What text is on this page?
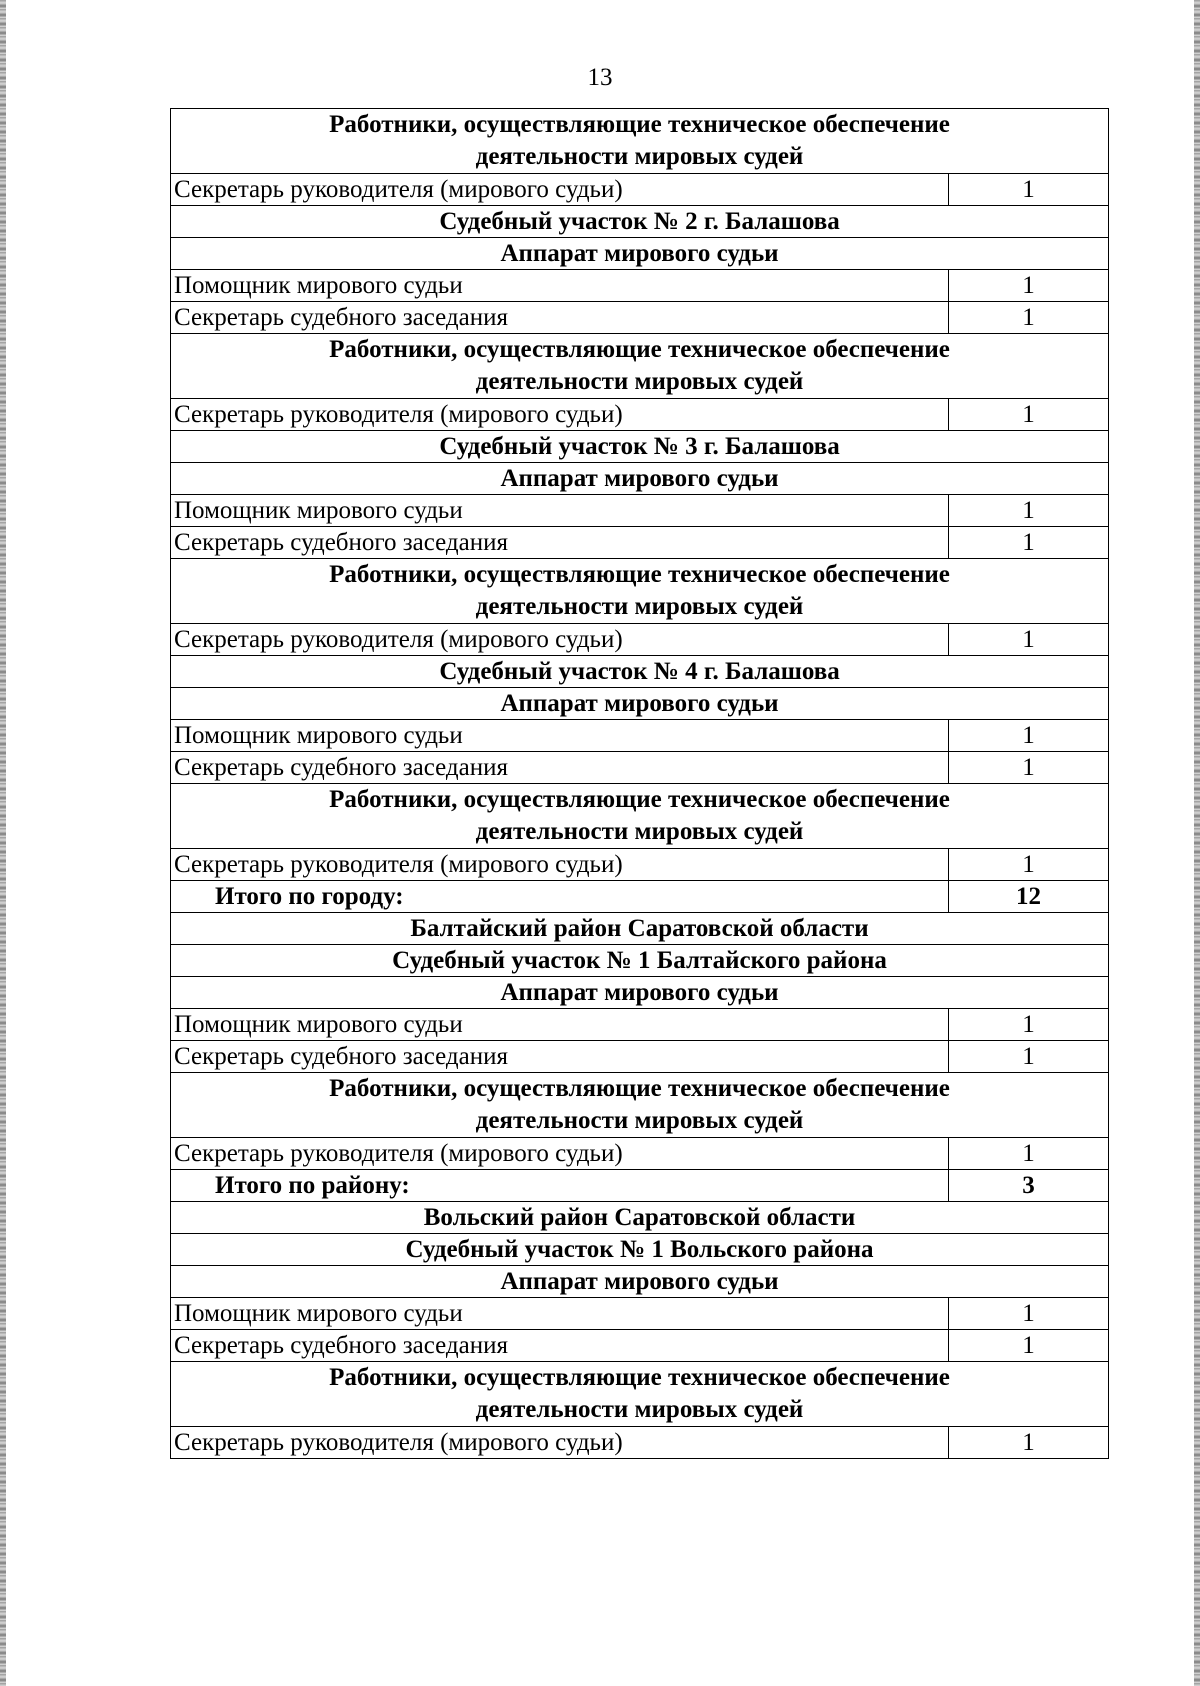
13
Работники, осуществляющие техническое обеспечение
деятельности мировых судей	

Секретарь руководителя (мирового судьи)	1
Судебный участок № 2 г. Балашова	
Аппарат мирового судьи	
Помощник мирового судьи	1
Секретарь судебного заседания	1

Работники, осуществляющие техническое обеспечение
деятельности мировых судей	

Секретарь руководителя (мирового судьи)	1
Судебный участок № 3 г. Балашова	
Аппарат мирового судьи	
Помощник мирового судьи	1
Секретарь судебного заседания	1

Работники, осуществляющие техническое обеспечение
деятельности мировых судей	

Секретарь руководителя (мирового судьи)	1
Судебный участок № 4 г. Балашова	
Аппарат мирового судьи	
Помощник мирового судьи	1
Секретарь судебного заседания	1

Работники, осуществляющие техническое обеспечение
деятельности мировых судей	

Секретарь руководителя (мирового судьи)	1
Итого по городу:	12
Балтайский район Саратовской области	
Судебный участок № 1 Балтайского района	
Аппарат мирового судьи	
Помощник мирового судьи	1
Секретарь судебного заседания	1

Работники, осуществляющие техническое обеспечение
деятельности мировых судей	

Секретарь руководителя (мирового судьи)	1
Итого по району:	3
Вольский район Саратовской области	
Судебный участок № 1 Вольского района	
Аппарат мирового судьи	
Помощник мирового судьи	1
Секретарь судебного заседания	1

Работники, осуществляющие техническое обеспечение
деятельности мировых судей	

Секретарь руководителя (мирового судьи)	1
